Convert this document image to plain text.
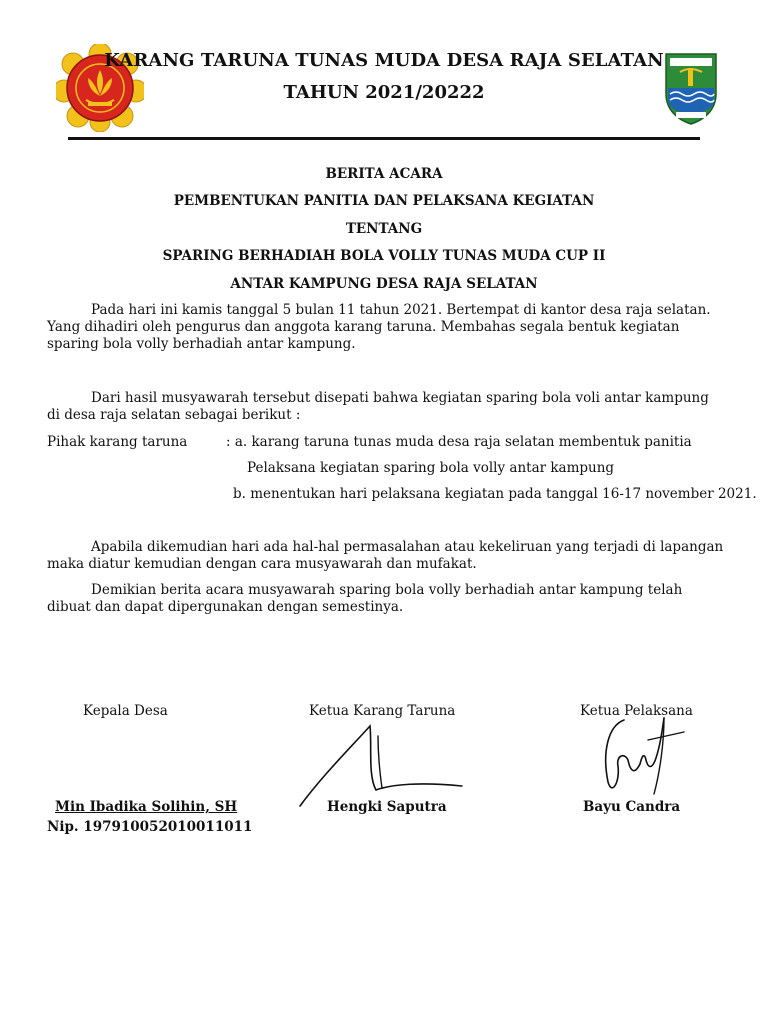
KARANG TARUNA TUNAS MUDA DESA RAJA SELATAN
TAHUN 2021/20222
BERITA ACARA
PEMBENTUKAN PANITIA DAN PELAKSANA KEGIATAN
TENTANG
SPARING BERHADIAH BOLA VOLLY TUNAS MUDA CUP II
ANTAR KAMPUNG DESA RAJA SELATAN
Pada hari ini kamis tanggal 5 bulan 11 tahun 2021. Bertempat di kantor desa raja selatan. Yang dihadiri oleh pengurus dan anggota karang taruna. Membahas segala bentuk kegiatan sparing bola volly berhadiah antar kampung.
Dari hasil musyawarah tersebut disepati bahwa kegiatan sparing bola voli antar kampung di desa raja selatan sebagai berikut :
Pihak karang taruna	: a. karang taruna tunas muda desa raja selatan membentuk panitia
Pelaksana kegiatan sparing bola volly antar kampung
b. menentukan hari pelaksana kegiatan pada tanggal 16-17 november 2021.
Apabila dikemudian hari ada hal-hal permasalahan atau kekeliruan yang terjadi di lapangan maka diatur kemudian dengan cara musyawarah dan mufakat.
Demikian berita acara musyawarah sparing bola volly berhadiah antar kampung telah dibuat dan dapat dipergunakan dengan semestinya.
Kepala Desa	Ketua Karang Taruna	Ketua Pelaksana
Min Ibadika Solihin, SH	Hengki Saputra	Bayu Candra
Nip. 197910052010011011
